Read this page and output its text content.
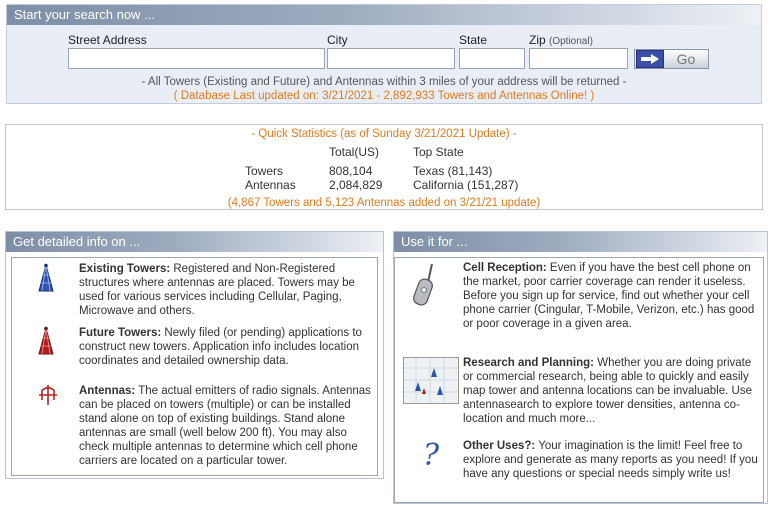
Start your search now ...
Street Address	City	State	Zip (Optional)
Go
- All Towers (Existing and Future) and Antennas within 3 miles of your address will be returned -
( Database Last updated on: 3/21/2021 - 2,892,933 Towers and Antennas Online! )
- Quick Statistics (as of Sunday 3/21/2021 Update) -
Total(US)	Top State
Towers	808,104	Texas (81,143)
Antennas	2,084,829	California (151,287)
(4,867 Towers and 5,123 Antennas added on 3/21/21 update)
Get detailed info on ...
Existing Towers: Registered and Non-Registered structures where antennas are placed. Towers may be used for various services including Cellular, Paging, Microwave and others.
Future Towers: Newly filed (or pending) applications to construct new towers. Application info includes location coordinates and detailed ownership data.
Antennas: The actual emitters of radio signals. Antennas can be placed on towers (multiple) or can be installed stand alone on top of existing buildings. Stand alone antennas are small (well below 200 ft). You may also check multiple antennas to determine which cell phone carriers are located on a particular tower.
Use it for ...
Cell Reception: Even if you have the best cell phone on the market, poor carrier coverage can render it useless. Before you sign up for service, find out whether your cell phone carrier (Cingular, T-Mobile, Verizon, etc.) has good or poor coverage in a given area.
Research and Planning: Whether you are doing private or commercial research, being able to quickly and easily map tower and antenna locations can be invaluable. Use antennasearch to explore tower densities, antenna co-location and much more...
?	Other Uses?: Your imagination is the limit! Feel free to explore and generate as many reports as you need! If you have any questions or special needs simply write us!
